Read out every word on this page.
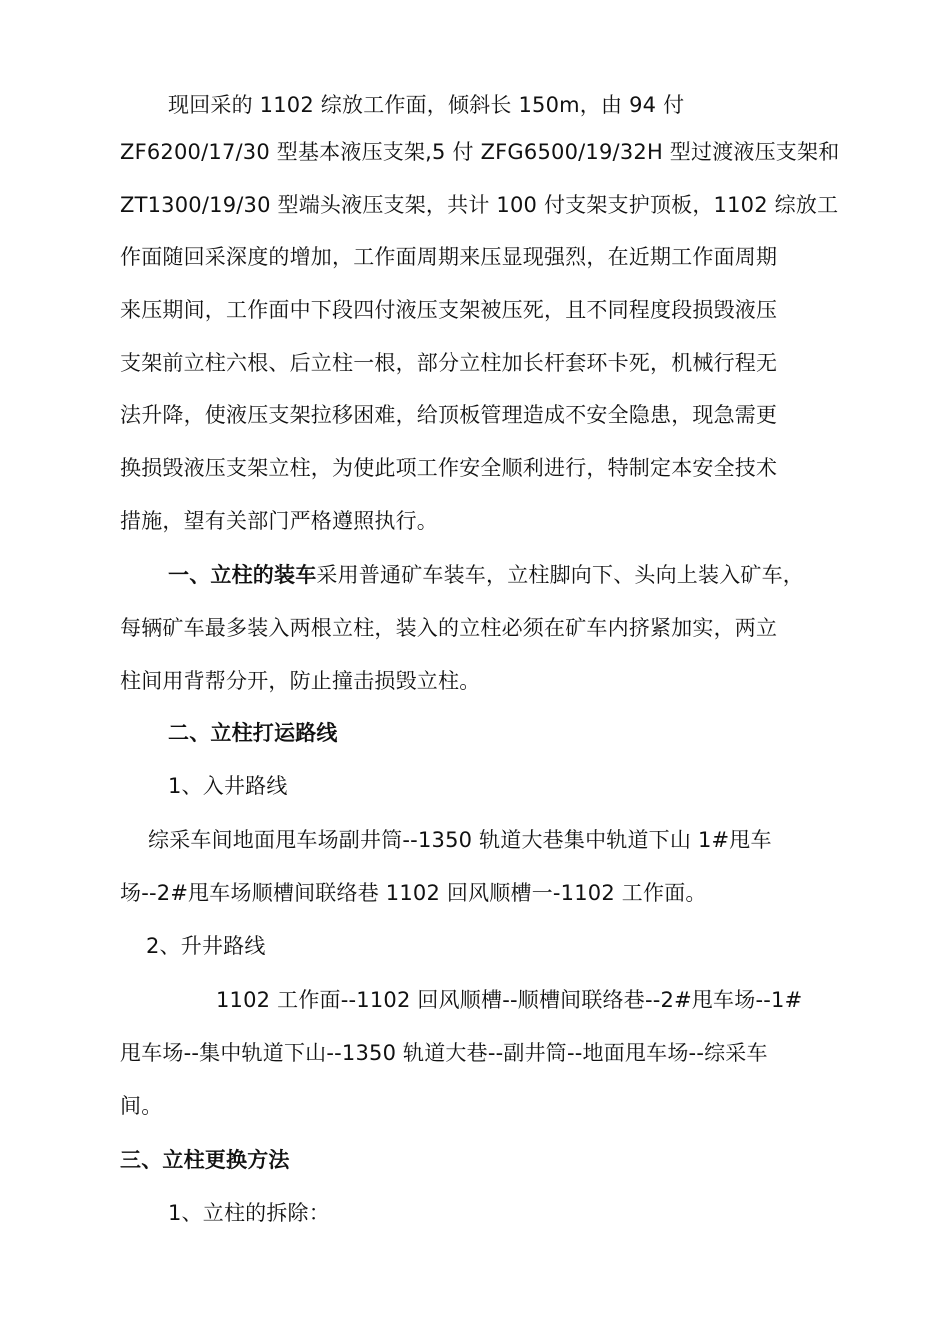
现回采的 1102 综放工作面，倾斜长 150m，由 94 付
ZF6200/17/30 型基本液压支架,5 付 ZFG6500/19/32H 型过渡液压支架和
ZT1300/19/30 型端头液压支架，共计 100 付支架支护顶板，1102 综放工
作面随回采深度的增加，工作面周期来压显现强烈，在近期工作面周期
来压期间，工作面中下段四付液压支架被压死，且不同程度段损毁液压
支架前立柱六根、后立柱一根，部分立柱加长杆套环卡死，机械行程无
法升降，使液压支架拉移困难，给顶板管理造成不安全隐患，现急需更
换损毁液压支架立柱，为使此项工作安全顺利进行，特制定本安全技术
措施，望有关部门严格遵照执行。
一、立柱的装车采用普通矿车装车，立柱脚向下、头向上装入矿车，
每辆矿车最多装入两根立柱，装入的立柱必须在矿车内挤紧加实，两立
柱间用背帮分开，防止撞击损毁立柱。
二、立柱打运路线
1、入井路线
综采车间地面甩车场副井筒--1350 轨道大巷集中轨道下山 1#甩车
场--2#甩车场顺槽间联络巷 1102 回风顺槽一-1102 工作面。
2、升井路线
1102 工作面--1102 回风顺槽--顺槽间联络巷--2#甩车场--1#
甩车场--集中轨道下山--1350 轨道大巷--副井筒--地面甩车场--综采车
间。
三、立柱更换方法
1、立柱的拆除：
